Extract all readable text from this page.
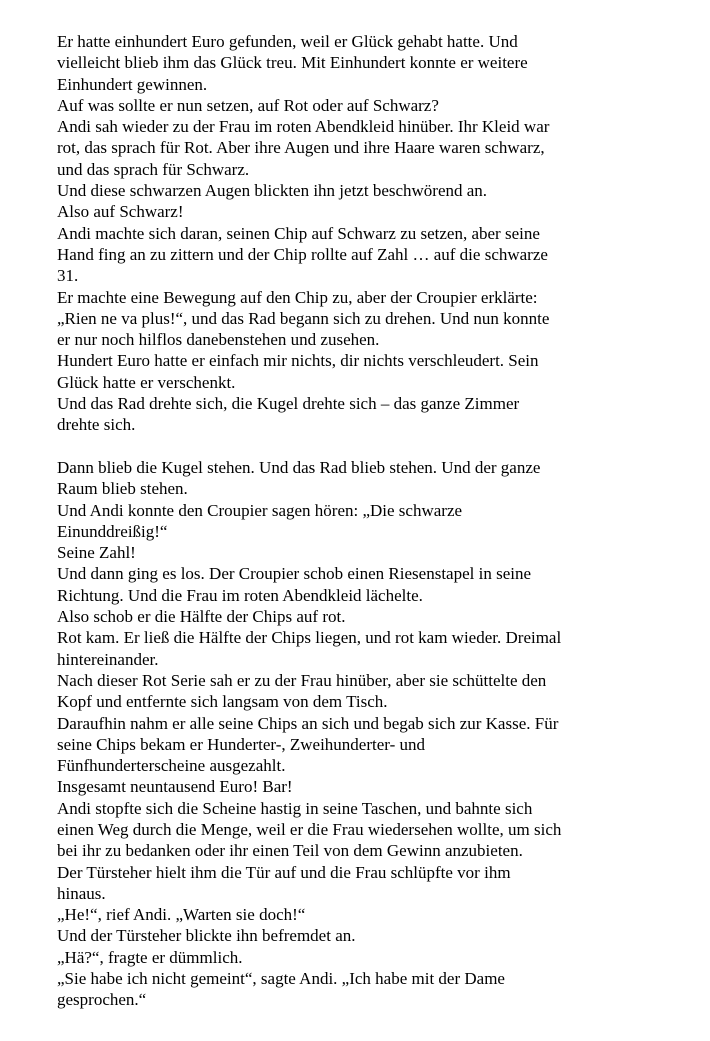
Er hatte einhundert Euro gefunden, weil er Glück gehabt hatte. Und
vielleicht blieb ihm das Glück treu. Mit Einhundert konnte er weitere
Einhundert gewinnen.
Auf was sollte er nun setzen, auf Rot oder auf Schwarz?
Andi sah wieder zu der Frau im roten Abendkleid hinüber. Ihr Kleid war
rot, das sprach für Rot. Aber ihre Augen und ihre Haare waren schwarz,
und das sprach für Schwarz.
Und diese schwarzen Augen blickten ihn jetzt beschwörend an.
Also auf Schwarz!
Andi machte sich daran, seinen Chip auf Schwarz zu setzen, aber seine
Hand fing an zu zittern und der Chip rollte auf Zahl … auf die schwarze
31.
Er machte eine Bewegung auf den Chip zu, aber der Croupier erklärte:
„Rien ne va plus!“, und das Rad begann sich zu drehen. Und nun konnte
er nur noch hilflos danebenstehen und zusehen.
Hundert Euro hatte er einfach mir nichts, dir nichts verschleudert. Sein
Glück hatte er verschenkt.
Und das Rad drehte sich, die Kugel drehte sich – das ganze Zimmer
drehte sich.
Dann blieb die Kugel stehen. Und das Rad blieb stehen. Und der ganze
Raum blieb stehen.
Und Andi konnte den Croupier sagen hören: „Die schwarze
Einunddreißig!“
Seine Zahl!
Und dann ging es los. Der Croupier schob einen Riesenstapel in seine
Richtung. Und die Frau im roten Abendkleid lächelte.
Also schob er die Hälfte der Chips auf rot.
Rot kam. Er ließ die Hälfte der Chips liegen, und rot kam wieder. Dreimal
hintereinander.
Nach dieser Rot Serie sah er zu der Frau hinüber, aber sie schüttelte den
Kopf und entfernte sich langsam von dem Tisch.
Daraufhin nahm er alle seine Chips an sich und begab sich zur Kasse. Für
seine Chips bekam er Hunderter-, Zweihunderter- und
Fünfhunderterscheine ausgezahlt.
Insgesamt neuntausend Euro! Bar!
Andi stopfte sich die Scheine hastig in seine Taschen, und bahnte sich
einen Weg durch die Menge, weil er die Frau wiedersehen wollte, um sich
bei ihr zu bedanken oder ihr einen Teil von dem Gewinn anzubieten.
Der Türsteher hielt ihm die Tür auf und die Frau schlüpfte vor ihm
hinaus.
„He!“, rief Andi. „Warten sie doch!“
Und der Türsteher blickte ihn befremdet an.
„Hä?“, fragte er dümmlich.
„Sie habe ich nicht gemeint“, sagte Andi. „Ich habe mit der Dame
gesprochen.“
